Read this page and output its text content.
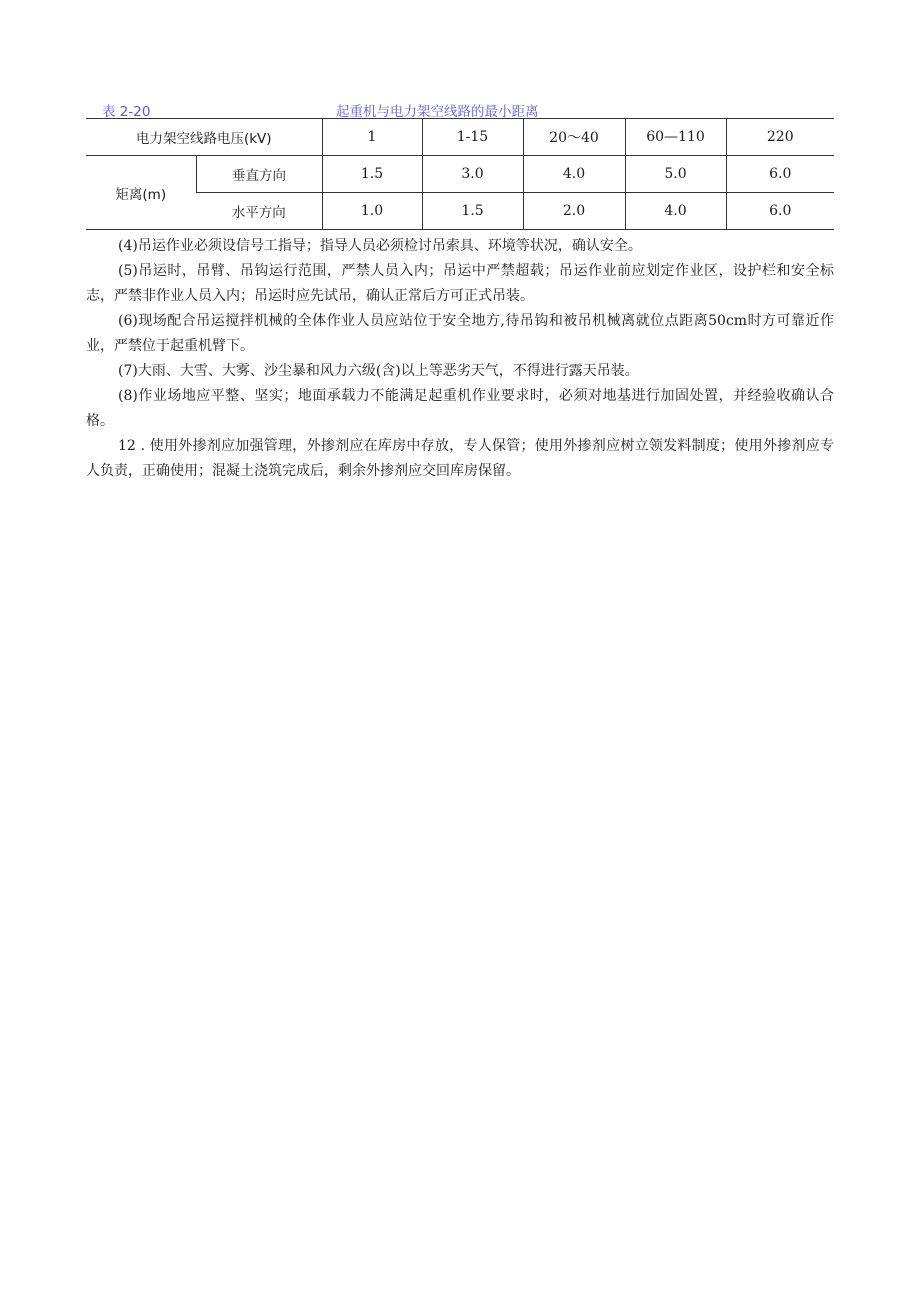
表 2-20	起重机与电力架空线路的最小距离
电力架空线路电压(kV)		1	1-15	20～40	60—110	220
矩离(m)	垂直方向	1.5	3.0	4.0	5.0	6.0
	水平方向	1.0	1.5	2.0	4.0	6.0

(4)吊运作业必须设信号工指导；指导人员必须检讨吊索具、环境等状况，确认安全。

(5)吊运时，吊臂、吊钩运行范围，严禁人员入内；吊运中严禁超载；吊运作业前应划定作业区，设护栏和安全标志，严禁非作业人员入内；吊运时应先试吊，确认正常后方可正式吊装。

(6)现场配合吊运搅拌机械的全体作业人员应站位于安全地方,待吊钩和被吊机械离就位点距离50cm时方可靠近作业，严禁位于起重机臂下。

(7)大雨、大雪、大雾、沙尘暴和风力六级(含)以上等恶劣天气，不得进行露天吊装。

(8)作业场地应平整、坚实；地面承载力不能满足起重机作业要求时，必须对地基进行加固处置，并经验收确认合格。

12 . 使用外掺剂应加强管理，外掺剂应在库房中存放，专人保管；使用外掺剂应树立领发料制度；使用外掺剂应专人负责，正确使用；混凝土浇筑完成后，剩余外掺剂应交回库房保留。
